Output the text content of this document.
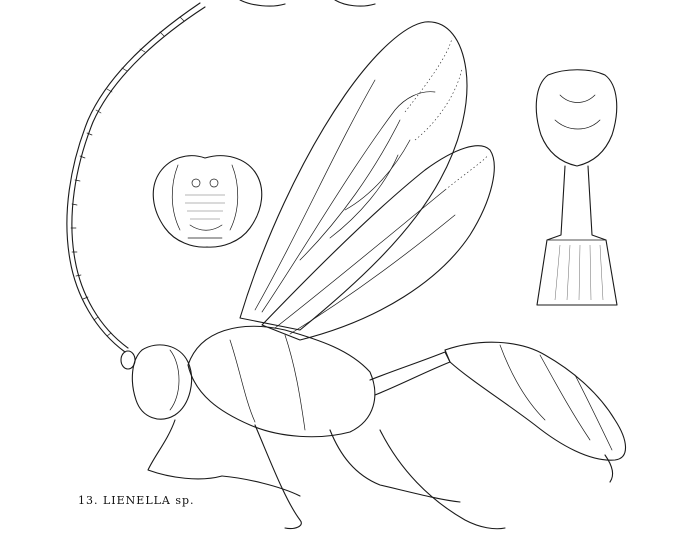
13. LIENELLA sp.
